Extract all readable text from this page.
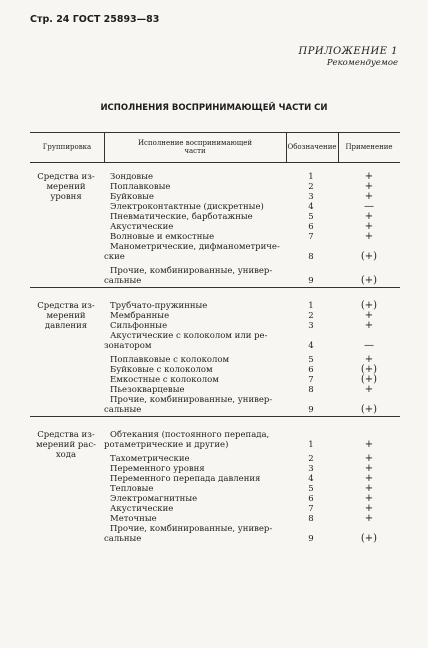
Стр. 24 ГОСТ 25893—83
ПРИЛОЖЕНИЕ 1
Рекомендуемое
ИСПОЛНЕНИЯ ВОСПРИНИМАЮЩЕЙ ЧАСТИ СИ
Группировка	Исполнение воспринимающей
части	Обозначение	Применение
Средства из-
мерений уровня
Зондовые	1	+
Поплавковые	2	+
Буйковые	3	+
Электроконтактные (дискретные)	4	—
Пневматические, барботажные	5	+
Акустические	6	+
Волновые и емкостные	7	+
Манометрические, дифманометриче-
ские	8	(+)
Прочие, комбинированные, универ-
сальные	9	(+)
Средства из-
мерений давления
Трубчато-пружинные	1	(+)
Мембранные	2	+
Сильфонные	3	+
Акустические с колоколом или ре-
зонатором	4	—
Поплавковые с колоколом	5	+
Буйковые с колоколом	6	(+)
Емкостные с колоколом	7	(+)
Пьезокварцевые	8	+
Прочие, комбинированные, универ-
сальные	9	(+)
Средства из-
мерений рас-
хода
Обтекания (постоянного перепада,
ротаметрические и другие)	1	+
Тахометрические	2	+
Переменного уровня	3	+
Переменного перепада давления	4	+
Тепловые	5	+
Электромагнитные	6	+
Акустические	7	+
Меточные	8	+
Прочие, комбинированные, универ-
сальные	9	(+)
